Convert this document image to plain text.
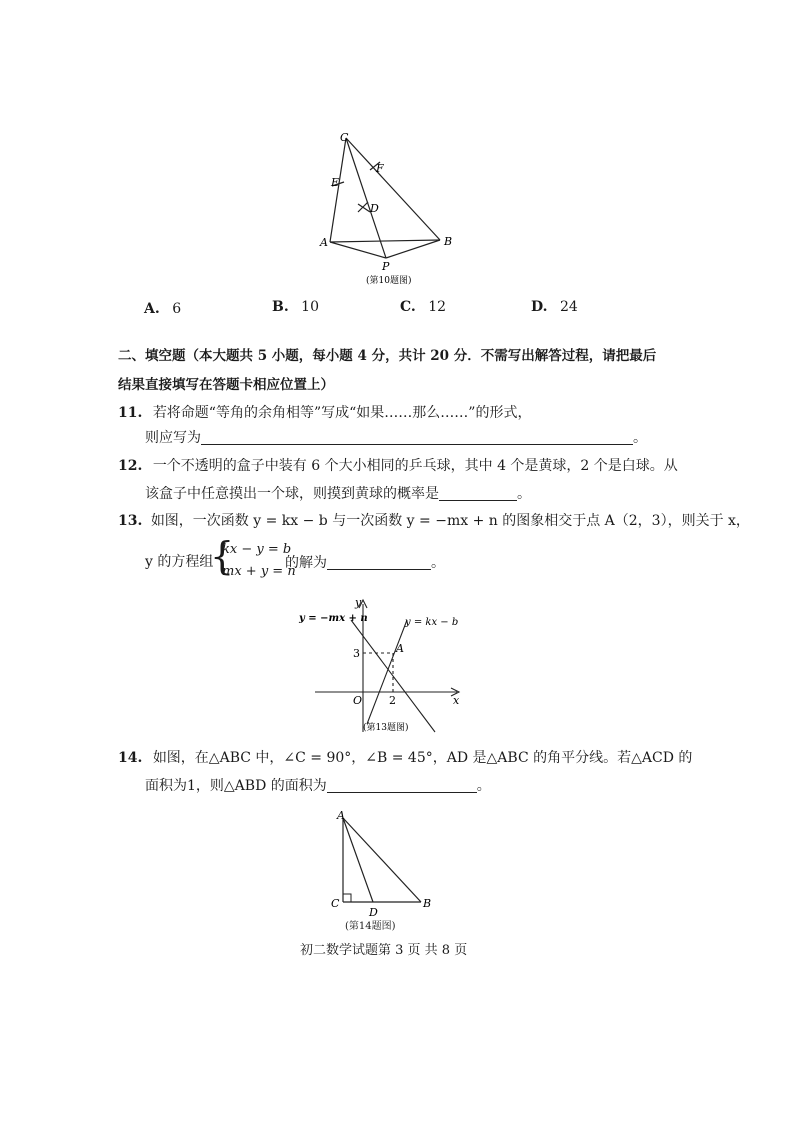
C
E
F
D
A	B
P
(第10题图)
A. 6	B. 10	C. 12	D. 24
二、填空题（本大题共 5 小题，每小题 4 分，共计 20 分．不需写出解答过程，请把最后
结果直接填写在答题卡相应位置上）
11. 若将命题“等角的余角相等”写成“如果……那么……”的形式，
则应写为	。
12. 一个不透明的盒子中装有 6 个大小相同的乒乓球，其中 4 个是黄球，2 个是白球。从
该盒子中任意摸出一个球，则摸到黄球的概率是	。
13. 如图，一次函数 y = kx − b 与一次函数 y = −mx + n 的图象相交于点 A（2，3），则关于 x，
y 的方程组
{
kx − y = b
mx + y = n
的解为	。
y = −mx + n	y = kx − b
y
x
O
A
3
2
(第13题图)
14. 如图，在△ABC 中，∠C = 90°，∠B = 45°，AD 是△ABC 的角平分线。若△ACD 的
面积为1，则△ABD 的面积为	。
A
C
D
B
(第14题图)
初二数学试题第 3 页 共 8 页
